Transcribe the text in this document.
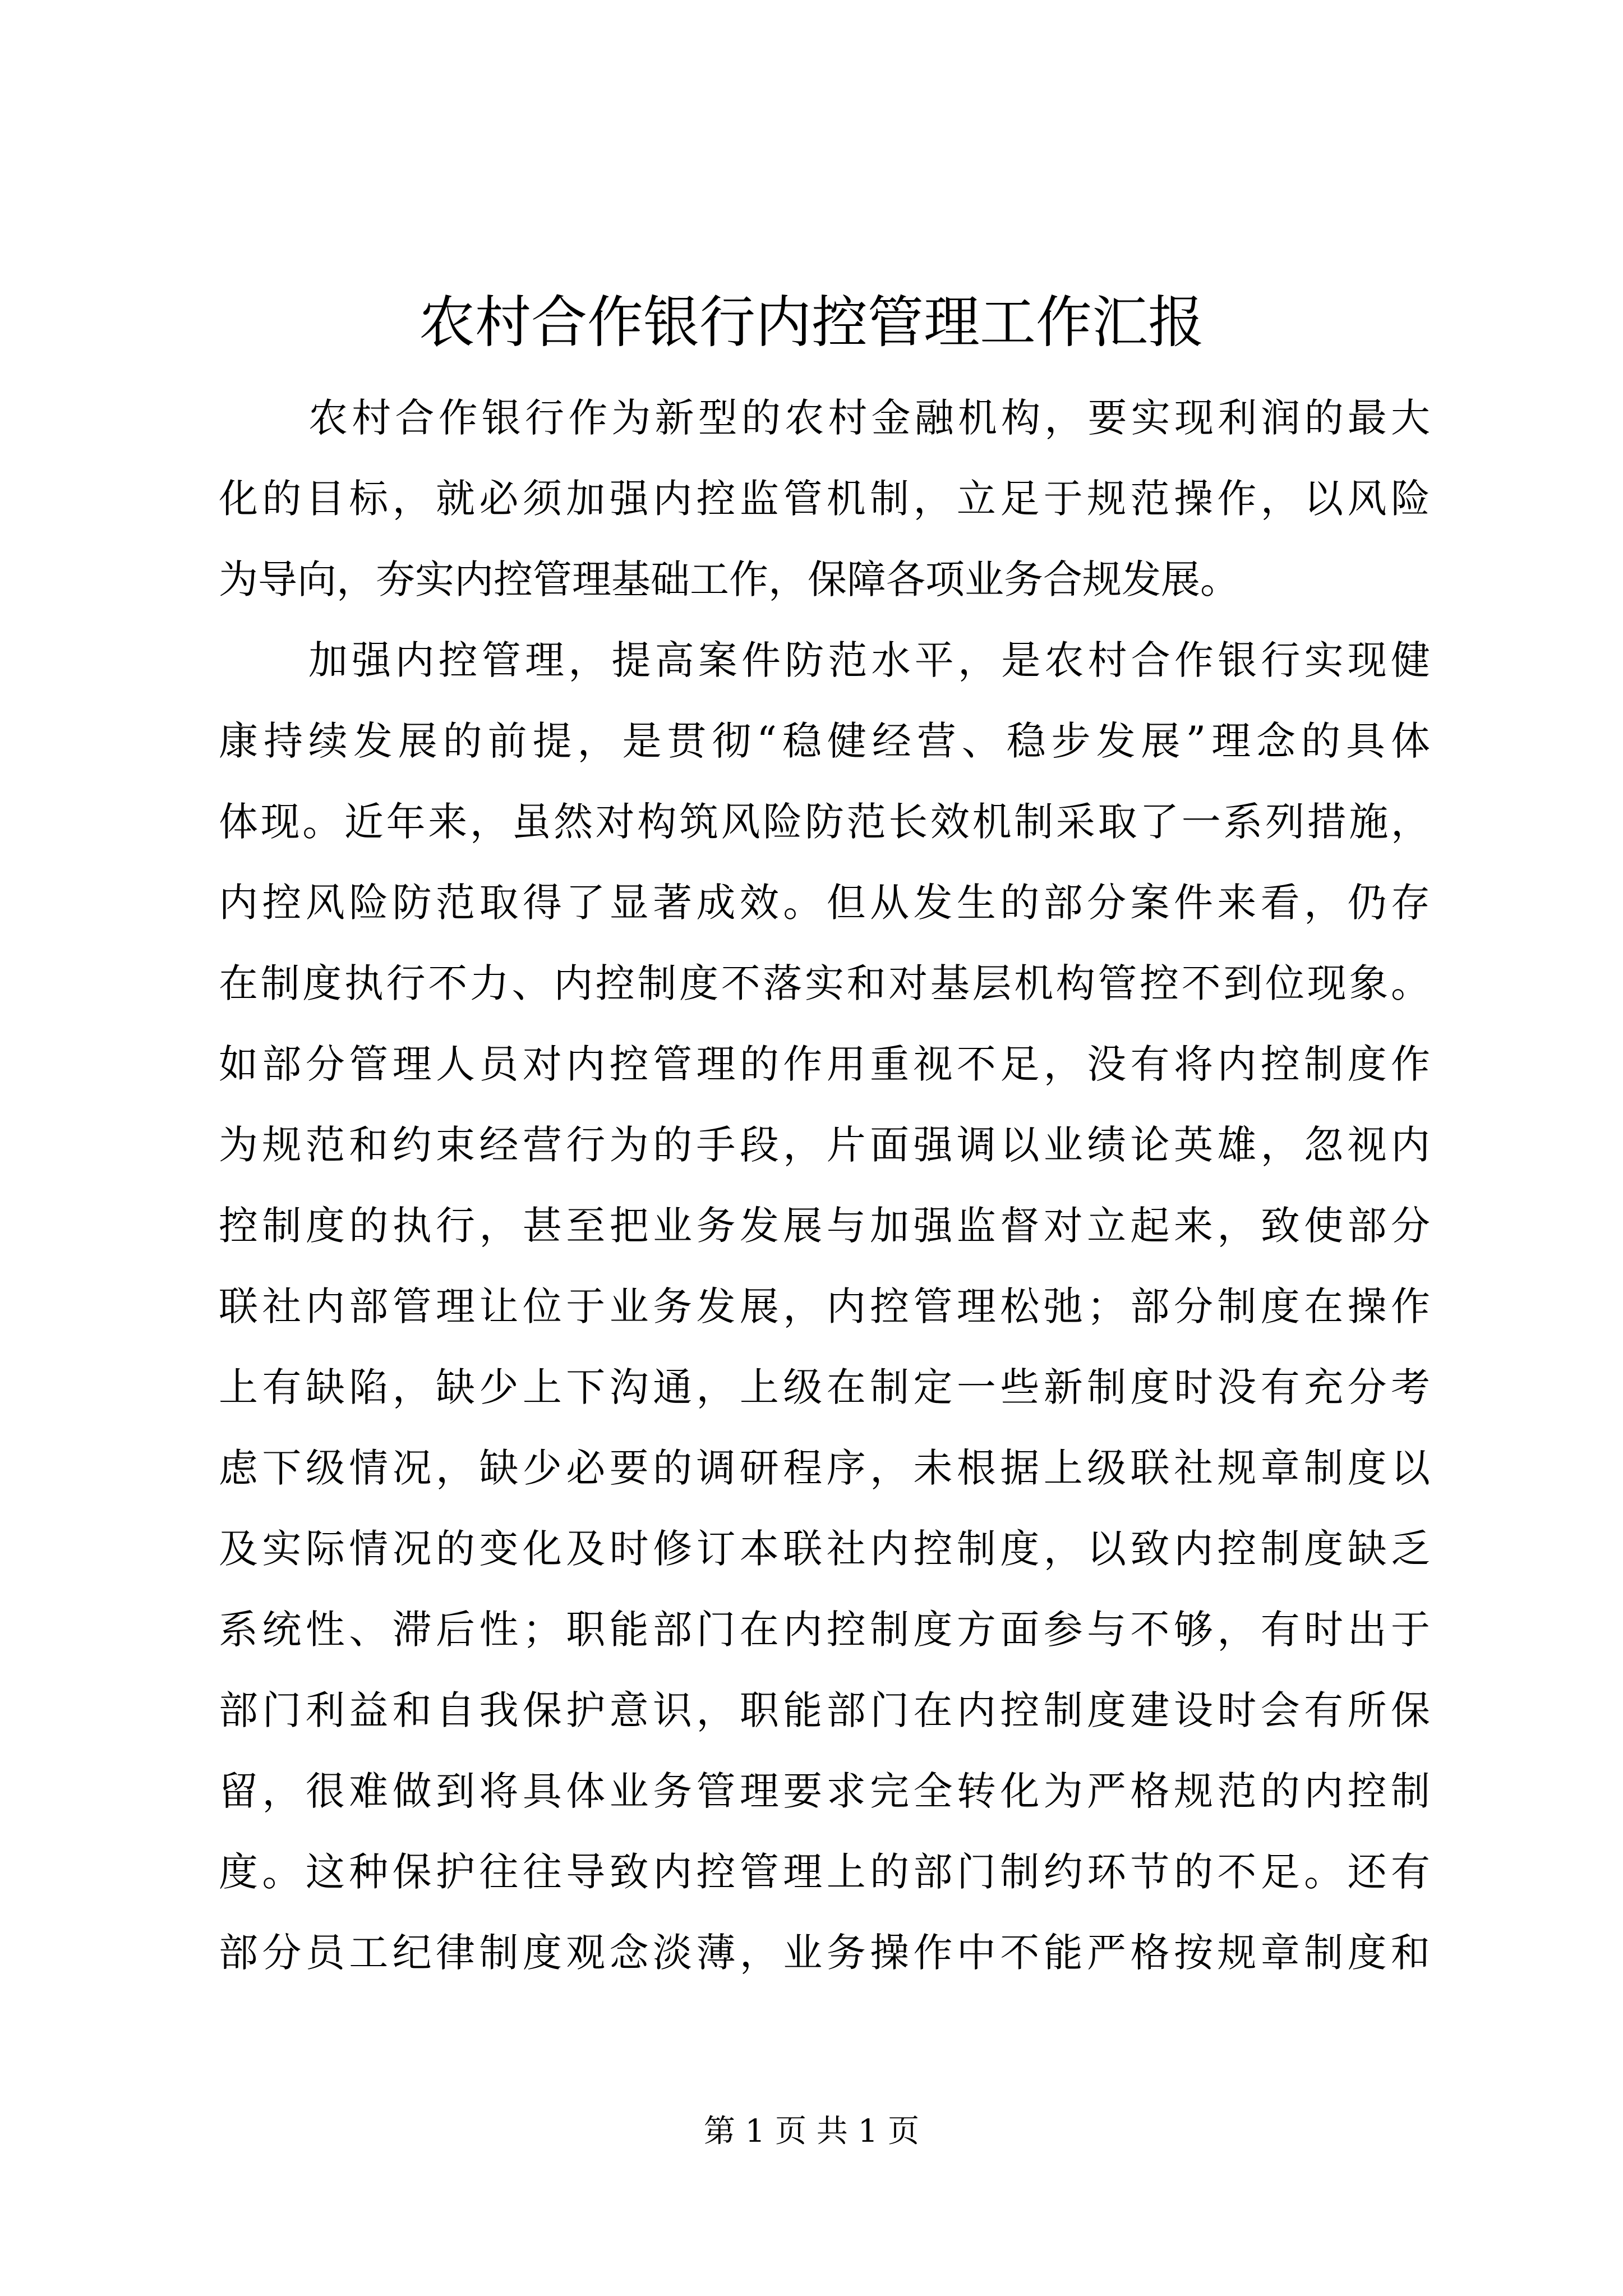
农村合作银行内控管理工作汇报
农村合作银行作为新型的农村金融机构，要实现利润的最大
化的目标，就必须加强内控监管机制，立足于规范操作，以风险
为导向，夯实内控管理基础工作，保障各项业务合规发展。
加强内控管理，提高案件防范水平，是农村合作银行实现健
康持续发展的前提，是贯彻“稳健经营、稳步发展”理念的具体
体现。近年来，虽然对构筑风险防范长效机制采取了一系列措施，
内控风险防范取得了显著成效。但从发生的部分案件来看，仍存
在制度执行不力、内控制度不落实和对基层机构管控不到位现象。
如部分管理人员对内控管理的作用重视不足，没有将内控制度作
为规范和约束经营行为的手段，片面强调以业绩论英雄，忽视内
控制度的执行，甚至把业务发展与加强监督对立起来，致使部分
联社内部管理让位于业务发展，内控管理松弛；部分制度在操作
上有缺陷，缺少上下沟通，上级在制定一些新制度时没有充分考
虑下级情况，缺少必要的调研程序，未根据上级联社规章制度以
及实际情况的变化及时修订本联社内控制度，以致内控制度缺乏
系统性、滞后性；职能部门在内控制度方面参与不够，有时出于
部门利益和自我保护意识，职能部门在内控制度建设时会有所保
留，很难做到将具体业务管理要求完全转化为严格规范的内控制
度。这种保护往往导致内控管理上的部门制约环节的不足。还有
部分员工纪律制度观念淡薄，业务操作中不能严格按规章制度和
第 1 页 共 1 页
